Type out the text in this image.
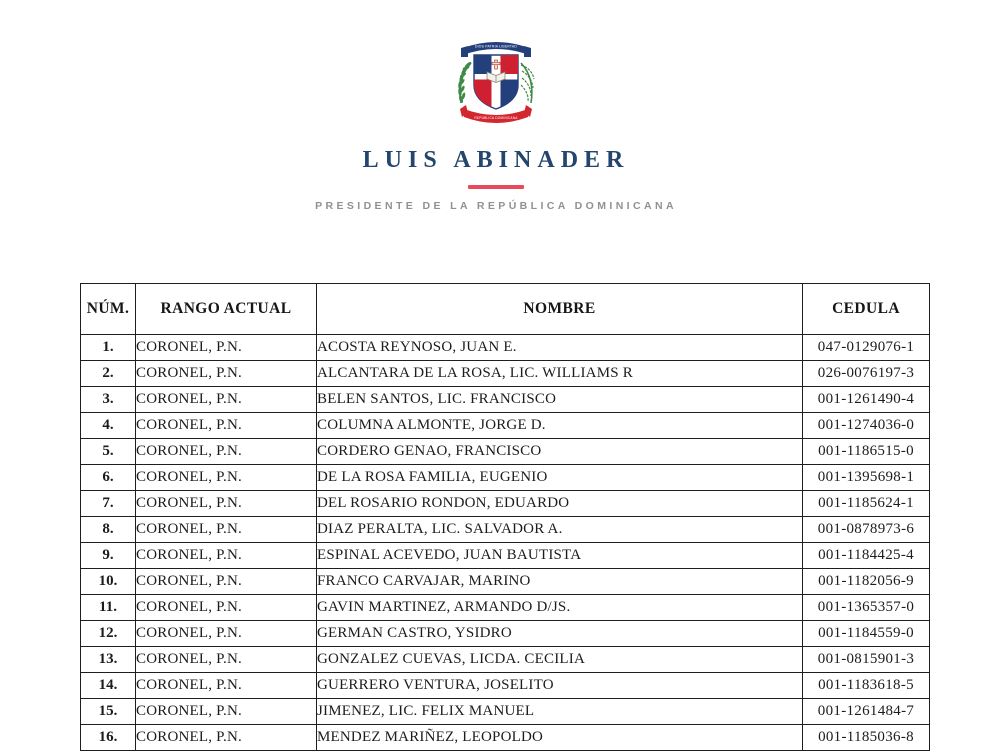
DIOS PATRIA LIBERTAD
REPÚBLICA DOMINICANA
LUIS ABINADER
PRESIDENTE DE LA REPÚBLICA DOMINICANA
NÚM.	RANGO ACTUAL	NOMBRE	CEDULA
1.	CORONEL, P.N.	ACOSTA REYNOSO, JUAN E.	047-0129076-1
2.	CORONEL, P.N.	ALCANTARA DE LA ROSA, LIC. WILLIAMS R	026-0076197-3
3.	CORONEL, P.N.	BELEN SANTOS, LIC. FRANCISCO	001-1261490-4
4.	CORONEL, P.N.	COLUMNA ALMONTE, JORGE D.	001-1274036-0
5.	CORONEL, P.N.	CORDERO GENAO, FRANCISCO	001-1186515-0
6.	CORONEL, P.N.	DE LA ROSA FAMILIA, EUGENIO	001-1395698-1
7.	CORONEL, P.N.	DEL ROSARIO RONDON, EDUARDO	001-1185624-1
8.	CORONEL, P.N.	DIAZ PERALTA, LIC. SALVADOR A.	001-0878973-6
9.	CORONEL, P.N.	ESPINAL ACEVEDO, JUAN BAUTISTA	001-1184425-4
10.	CORONEL, P.N.	FRANCO CARVAJAR, MARINO	001-1182056-9
11.	CORONEL, P.N.	GAVIN MARTINEZ, ARMANDO D/JS.	001-1365357-0
12.	CORONEL, P.N.	GERMAN CASTRO, YSIDRO	001-1184559-0
13.	CORONEL, P.N.	GONZALEZ CUEVAS, LICDA. CECILIA	001-0815901-3
14.	CORONEL, P.N.	GUERRERO VENTURA, JOSELITO	001-1183618-5
15.	CORONEL, P.N.	JIMENEZ, LIC. FELIX MANUEL	001-1261484-7
16.	CORONEL, P.N.	MENDEZ MARIÑEZ, LEOPOLDO	001-1185036-8
